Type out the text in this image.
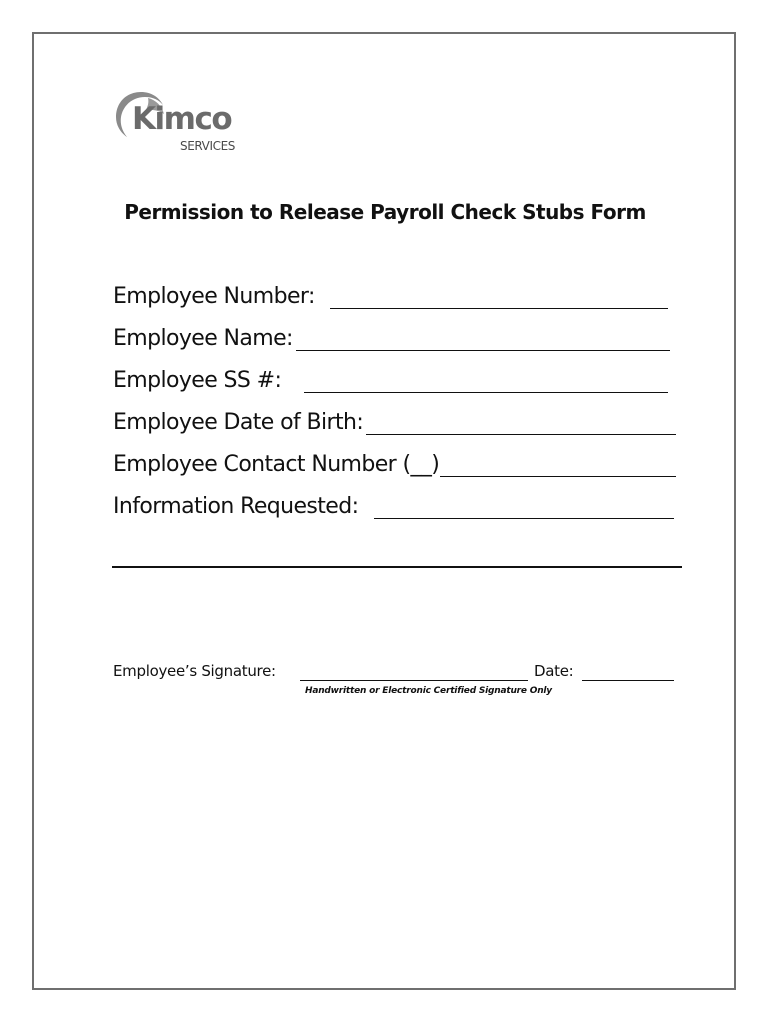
Kimco
SERVICES
Permission to Release Payroll Check Stubs Form
Employee Number:
Employee Name:
Employee SS #:
Employee Date of Birth:
Employee Contact Number (__)
Information Requested:
Employee’s Signature:	Date:
Handwritten or Electronic Certified Signature Only
